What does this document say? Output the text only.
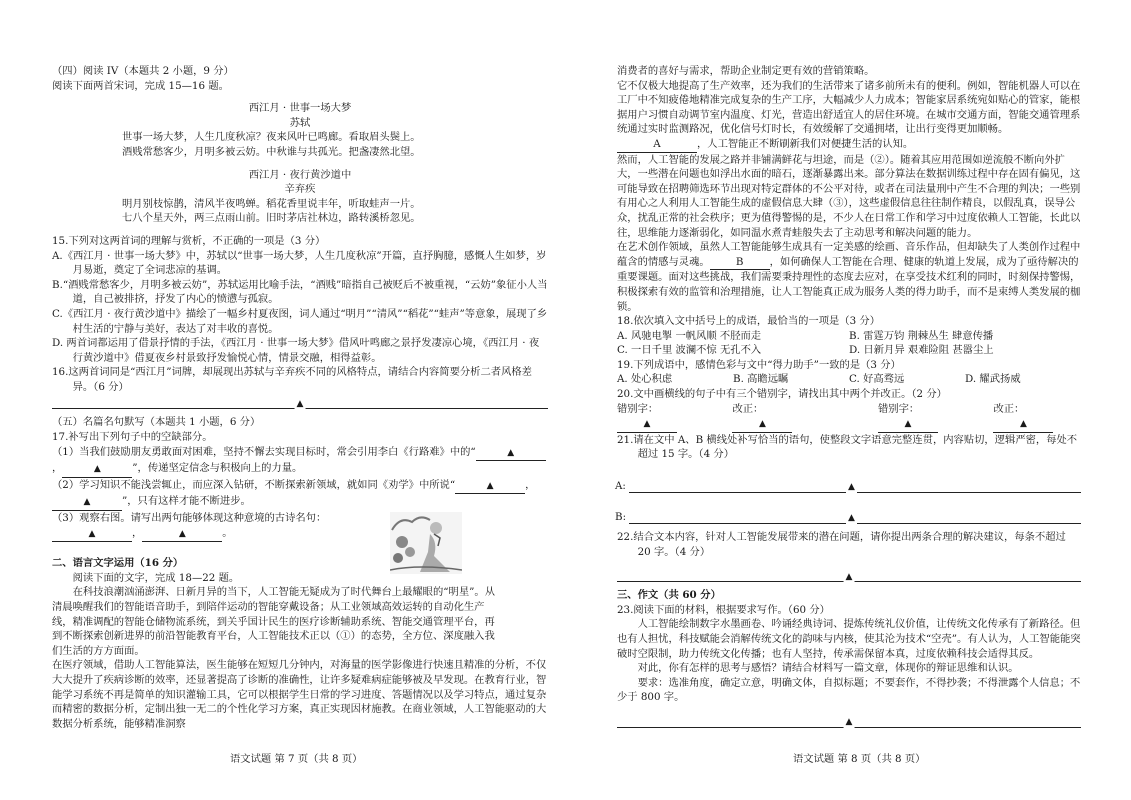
（四）阅读 IV（本题共 2 小题，9 分）

阅读下面两首宋词，完成 15—16 题。

西江月 · 世事一场大梦

苏轼

世事一场大梦，人生几度秋凉？夜来风叶已鸣廊。看取眉头鬓上。

酒贱常愁客少，月明多被云妨。中秋谁与共孤光。把盏凄然北望。

西江月 · 夜行黄沙道中

辛弃疾

明月别枝惊鹊，清风半夜鸣蝉。稻花香里说丰年，听取蛙声一片。

七八个星天外，两三点雨山前。旧时茅店社林边，路转溪桥忽见。

15.下列对这两首词的理解与赏析，不正确的一项是（3 分）

A.《西江月 · 世事一场大梦》中，苏轼以“世事一场大梦，人生几度秋凉”开篇，直抒胸臆，感慨人生如梦，岁月易逝，奠定了全词悲凉的基调。

B.“酒贱常愁客少，月明多被云妨”，苏轼运用比喻手法，“酒贱”暗指自己被贬后不被重视，“云妨”象征小人当道，自己被排挤，抒发了内心的愤懑与孤寂。

C.《西江月 · 夜行黄沙道中》描绘了一幅乡村夏夜图，词人通过“明月”“清风”“稻花”“蛙声”等意象，展现了乡村生活的宁静与美好，表达了对丰收的喜悦。

D. 两首词都运用了借景抒情的手法，《西江月 · 世事一场大梦》借风叶鸣廊之景抒发凄凉心境，《西江月 · 夜行黄沙道中》借夏夜乡村景致抒发愉悦心情，情景交融，相得益彰。

16.这两首词同是“西江月”词牌，却展现出苏轼与辛弃疾不同的风格特点，请结合内容简要分析二者风格差异。（6 分）

▲

（五）名篇名句默写（本题共 1 小题，6 分）

17.补写出下列句子中的空缺部分。

（1）当我们鼓励朋友勇敢面对困难，坚持不懈去实现目标时，常会引用李白《行路难》中的“	▲，	▲	”，传递坚定信念与积极向上的力量。

（2）学习知识不能浅尝辄止，而应深入钻研，不断探索新领域，就如同《劝学》中所说“	▲	，▲	”，只有这样才能不断进步。

（3）观察右图。请写出两句能够体现这种意境的古诗名句：▲	，	▲	。

二、语言文字运用（16 分）

阅读下面的文字，完成 18—22 题。

在科技浪潮汹涌澎湃、日新月异的当下，人工智能无疑成为了时代舞台上最耀眼的“明星”。从清晨唤醒我们的智能语音助手，到陪伴运动的智能穿戴设备；从工业领域高效运转的自动化生产线，精准调配的智能仓储物流系统，到关乎国计民生的医疗诊断辅助系统、智能交通管理平台，再到不断探索创新进界的前沿智能教育平台，人工智能技术正以（①）的态势，全方位、深度融入我们生活的方方面面。

在医疗领域，借助人工智能算法，医生能够在短短几分钟内，对海量的医学影像进行快速且精准的分析，不仅大大提升了疾病诊断的效率，还显著提高了诊断的准确性，让许多疑难病症能够被及早发现。在教育行业，智能学习系统不再是简单的知识灌输工具，它可以根据学生日常的学习进度、答题情况以及学习特点，通过复杂而精密的数据分析，定制出独一无二的个性化学习方案，真正实现因材施教。在商业领域，人工智能驱动的大数据分析系统，能够精准洞察

消费者的喜好与需求，帮助企业制定更有效的营销策略。

它不仅极大地提高了生产效率，还为我们的生活带来了诸多前所未有的便利。例如，智能机器人可以在工厂中不知疲倦地精准完成复杂的生产工序，大幅减少人力成本；智能家居系统宛如贴心的管家，能根据用户习惯自动调节室内温度、灯光，营造出舒适宜人的居住环境。在城市交通方面，智能交通管理系统通过实时监测路况，优化信号灯时长，有效缓解了交通拥堵，让出行变得更加顺畅。A	，人工智能正不断刷新我们对便捷生活的认知。

然而，人工智能的发展之路并非铺满鲜花与坦途，而是（②）。随着其应用范围如逆流般不断向外扩大，一些潜在问题也如浮出水面的暗石，逐渐暴露出来。部分算法在数据训练过程中存在固有偏见，这可能导致在招聘筛选环节出现对特定群体的不公平对待，或者在司法量刑中产生不合理的判决；一些别有用心之人利用人工智能生成的虚假信息大肆（③），这些虚假信息往往制作精良，以假乱真，误导公众，扰乱正常的社会秩序；更为值得警惕的是，不少人在日常工作和学习中过度依赖人工智能，长此以往，思维能力逐渐弱化，如同温水煮青蛙般失去了主动思考和解决问题的能力。

在艺术创作领域，虽然人工智能能够生成具有一定美感的绘画、音乐作品，但却缺失了人类创作过程中蕴含的情感与灵魂。	B	，如何确保人工智能在合理、健康的轨道上发展，成为了亟待解决的重要课题。面对这些挑战，我们需要秉持理性的态度去应对，在享受技术红利的同时，时刻保持警惕，积极探索有效的监管和治理措施，让人工智能真正成为服务人类的得力助手，而不是束缚人类发展的枷锁。

18.依次填入文中括号上的成语，最恰当的一项是（3 分）

A. 风驰电掣 一帆风顺 不胫而走	B. 雷霆万钧 荆棘丛生 肆意传播
C. 一日千里 波澜不惊 无孔不入	D. 日新月异 艰难险阻 甚嚣尘上

19.下列成语中，感情色彩与文中“得力助手”一致的是（3 分）

A. 处心积虑	B. 高瞻远瞩	C. 好高骛远	D. 耀武扬威

20.文中画横线的句子中有三个错别字，请找出其中两个并改正。（2 分）

错别字：▲
改正：▲
错别字：▲
改正：▲

21.请在文中 A、B 横线处补写恰当的语句，使整段文字语意完整连贯，内容贴切，逻辑严密，每处不超过 15 字。（4 分）

A:	▲
B:	▲

22.结合文本内容，针对人工智能发展带来的潜在问题，请你提出两条合理的解决建议，每条不超过 20 字。（4 分）

▲

三、作文（共 60 分）

23.阅读下面的材料，根据要求写作。（60 分）

人工智能绘制数字水墨画卷、吟诵经典诗词、提炼传统礼仪价值，让传统文化传承有了新路径。但也有人担忧，科技赋能会消解传统文化的韵味与内核，使其沦为技术“空壳”。有人认为，人工智能能突破时空限制，助力传统文化传播；也有人坚持，传承需保留本真，过度依赖科技会适得其反。

对此，你有怎样的思考与感悟？请结合材料写一篇文章，体现你的辩证思维和认识。

要求：选准角度，确定立意，明确文体，自拟标题；不要套作，不得抄袭；不得泄露个人信息；不少于 800 字。

▲
语文试题 第 7 页（共 8 页）	语文试题 第 8 页（共 8 页）
